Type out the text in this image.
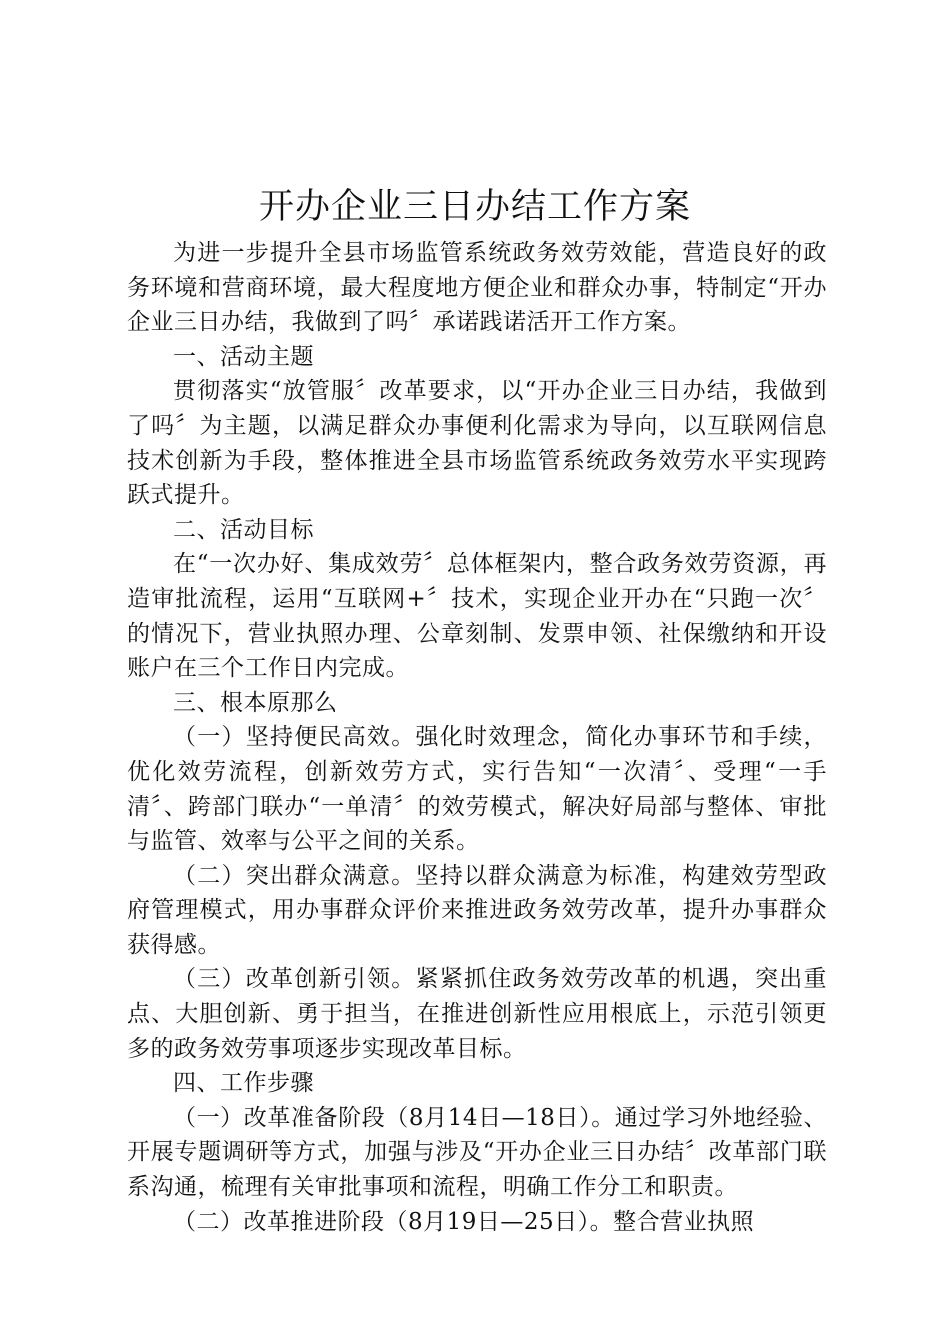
开办企业三日办结工作方案

为进一步提升全县市场监管系统政务效劳效能，营造良好的政务环境和营商环境，最大程度地方便企业和群众办事，特制定“开办企业三日办结，我做到了吗〞承诺践诺活开工作方案。

一、活动主题

贯彻落实“放管服〞改革要求，以“开办企业三日办结，我做到了吗〞为主题，以满足群众办事便利化需求为导向，以互联网信息技术创新为手段，整体推进全县市场监管系统政务效劳水平实现跨跃式提升。

二、活动目标

在“一次办好、集成效劳〞总体框架内，整合政务效劳资源，再造审批流程，运用“互联网+〞技术，实现企业开办在“只跑一次〞的情况下，营业执照办理、公章刻制、发票申领、社保缴纳和开设账户在三个工作日内完成。

三、根本原那么

（一）坚持便民高效。强化时效理念，简化办事环节和手续，优化效劳流程，创新效劳方式，实行告知“一次清〞、受理“一手清〞、跨部门联办“一单清〞的效劳模式，解决好局部与整体、审批与监管、效率与公平之间的关系。

（二）突出群众满意。坚持以群众满意为标准，构建效劳型政府管理模式，用办事群众评价来推进政务效劳改革，提升办事群众获得感。

（三）改革创新引领。紧紧抓住政务效劳改革的机遇，突出重点、大胆创新、勇于担当，在推进创新性应用根底上，示范引领更多的政务效劳事项逐步实现改革目标。

四、工作步骤

（一）改革准备阶段（8月14日—18日）。通过学习外地经验、开展专题调研等方式，加强与涉及“开办企业三日办结〞改革部门联系沟通，梳理有关审批事项和流程，明确工作分工和职责。

（二）改革推进阶段（8月19日—25日）。整合营业执照
